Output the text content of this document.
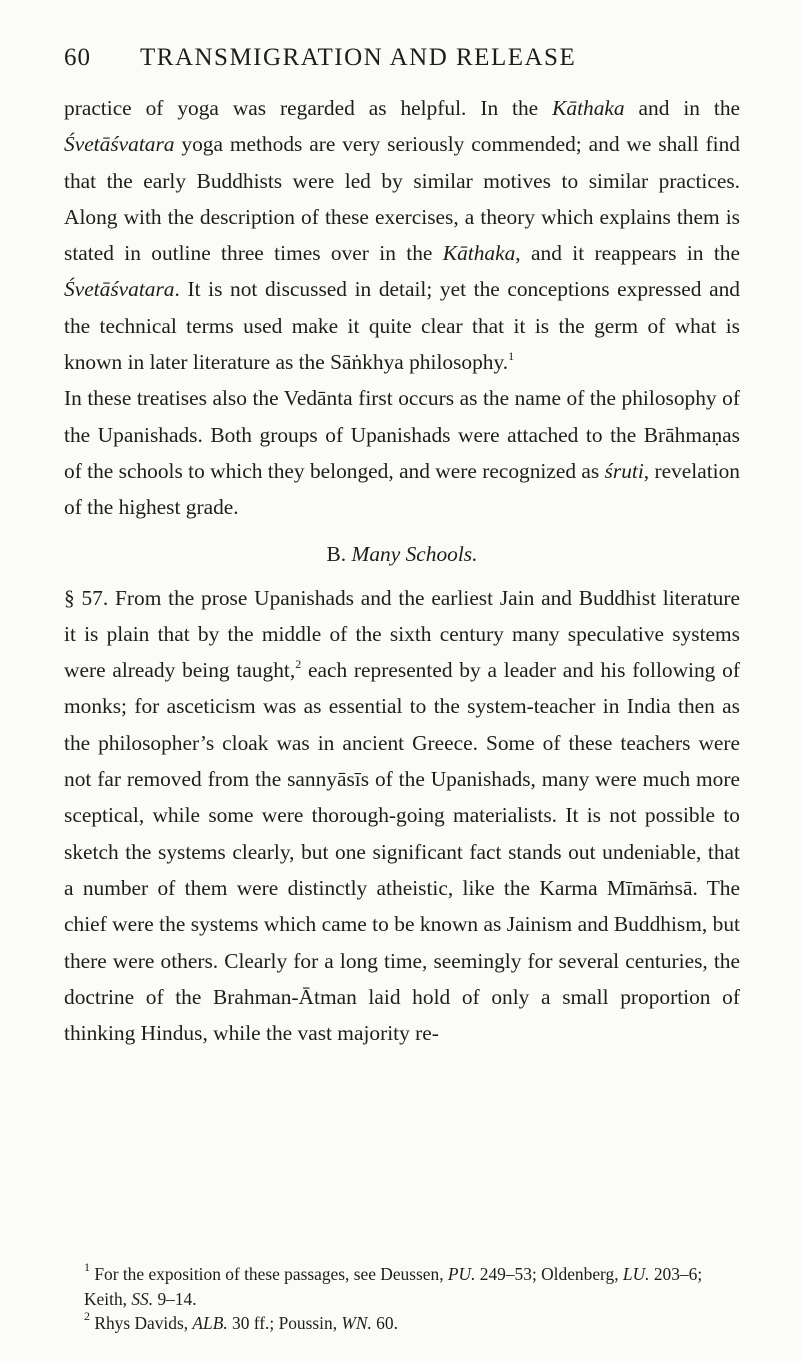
60 TRANSMIGRATION AND RELEASE

practice of yoga was regarded as helpful. In the Kāthaka and in the Śvetāśvatara yoga methods are very seriously commended; and we shall find that the early Buddhists were led by similar motives to similar practices. Along with the description of these exercises, a theory which explains them is stated in outline three times over in the Kāthaka, and it reappears in the Śvetāśvatara. It is not discussed in detail; yet the conceptions expressed and the technical terms used make it quite clear that it is the germ of what is known in later literature as the Sāṅkhya philosophy.$^1$

In these treatises also the Vedānta first occurs as the name of the philosophy of the Upanishads. Both groups of Upanishads were attached to the Brāhmaṇas of the schools to which they belonged, and were recognized as śruti, revelation of the highest grade.

B. Many Schools.

§ 57. From the prose Upanishads and the earliest Jain and Buddhist literature it is plain that by the middle of the sixth century many speculative systems were already being taught,$^2$ each represented by a leader and his following of monks; for asceticism was as essential to the system-teacher in India then as the philosopher’s cloak was in ancient Greece. Some of these teachers were not far removed from the sannyāsīs of the Upanishads, many were much more sceptical, while some were thorough-going materialists. It is not possible to sketch the systems clearly, but one significant fact stands out undeniable, that a number of them were distinctly atheistic, like the Karma Mīmāṁsā. The chief were the systems which came to be known as Jainism and Buddhism, but there were others. Clearly for a long time, seemingly for several centuries, the doctrine of the Brahman-Ātman laid hold of only a small proportion of thinking Hindus, while the vast majority re-

$^1$ For the exposition of these passages, see Deussen, PU. 249–53; Oldenberg, LU. 203–6; Keith, SS. 9–14.

$^2$ Rhys Davids, ALB. 30 ff.; Poussin, WN. 60.
